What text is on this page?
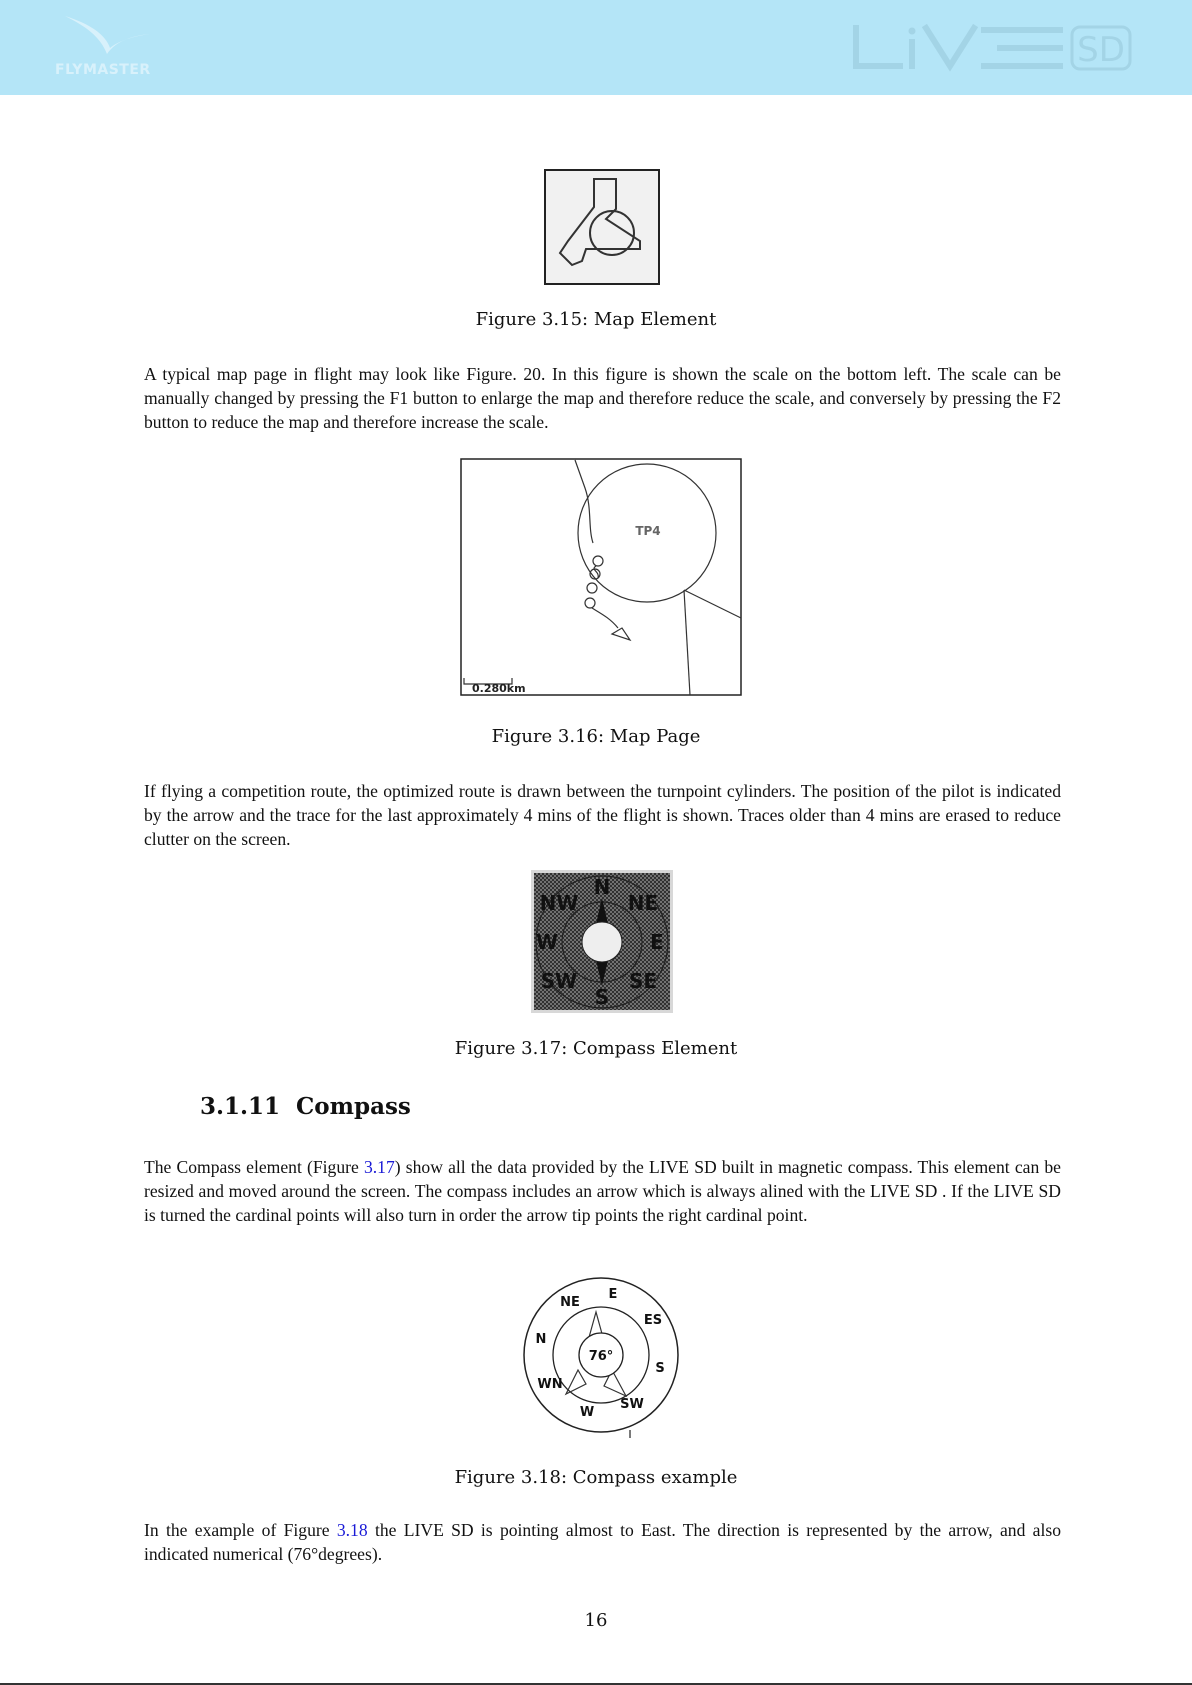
FLYMASTER	SD
Figure 3.15: Map Element
A typical map page in flight may look like Figure. 20. In this figure is shown the scale on the bottom left. The scale can be manually changed by pressing the F1 button to enlarge the map and therefore reduce the scale, and conversely by pressing the F2 button to reduce the map and therefore increase the scale.
TP4
0.280km
Figure 3.16: Map Page
If flying a competition route, the optimized route is drawn between the turnpoint cylinders. The position of the pilot is indicated by the arrow and the trace for the last approximately 4 mins of the flight is shown. Traces older than 4 mins are erased to reduce clutter on the screen.
N
NE
E
SE
S
SW
W
NW
Figure 3.17: Compass Element
3.1.11 Compass
The Compass element (Figure 3.17) show all the data provided by the LIVE SD built in magnetic compass. This element can be resized and moved around the screen. The compass includes an arrow which is always alined with the LIVE SD . If the LIVE SD is turned the cardinal points will also turn in order the arrow tip points the right cardinal point.
76°
E
ES
S
SW
W
WN
N
NE
Figure 3.18: Compass example
In the example of Figure 3.18 the LIVE SD is pointing almost to East. The direction is represented by the arrow, and also indicated numerical (76°degrees).
16
